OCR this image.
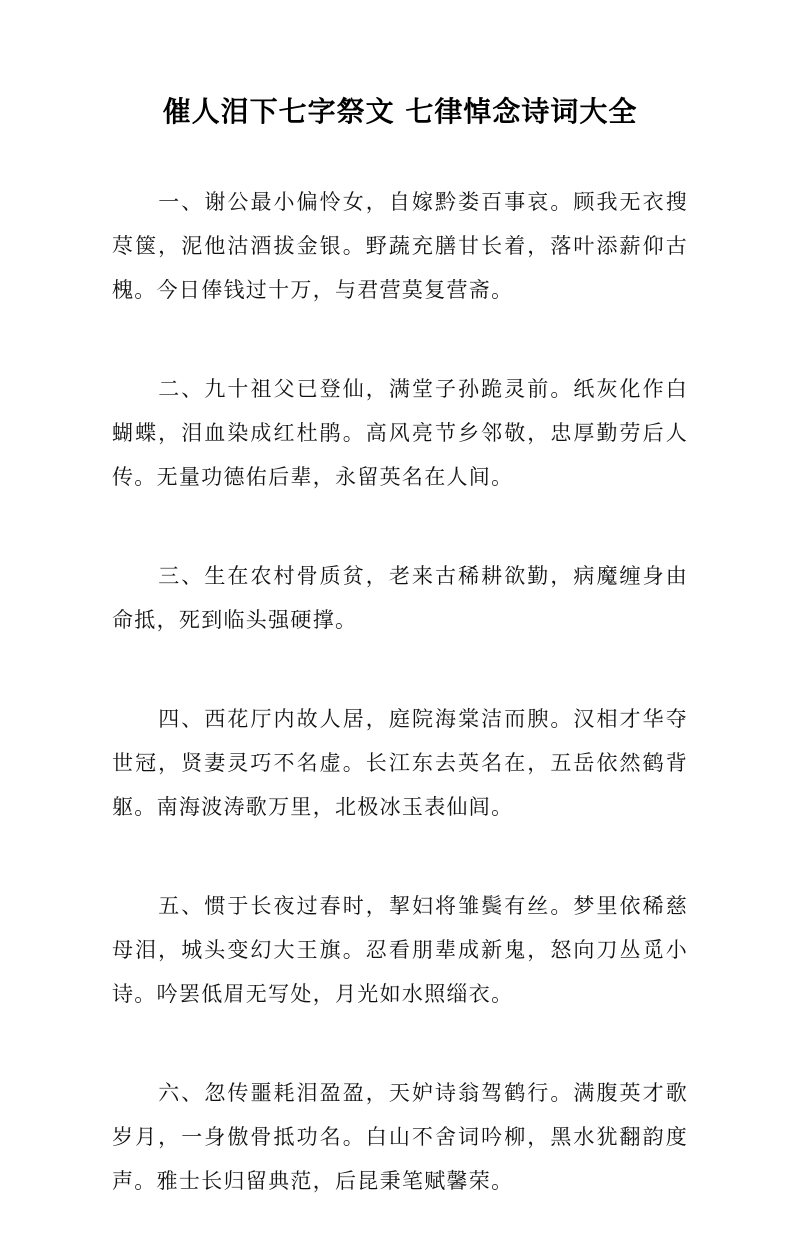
催人泪下七字祭文 七律悼念诗词大全

一、谢公最小偏怜女，自嫁黔娄百事哀。顾我无衣搜荩箧，泥他沽酒拔金银。野蔬充膳甘长着，落叶添薪仰古槐。今日俸钱过十万，与君营莫复营斋。

二、九十祖父已登仙，满堂子孙跪灵前。纸灰化作白蝴蝶，泪血染成红杜鹃。高风亮节乡邻敬，忠厚勤劳后人传。无量功德佑后辈，永留英名在人间。

三、生在农村骨质贫，老来古稀耕欲勤，病魔缠身由命抵，死到临头强硬撑。

四、西花厅内故人居，庭院海棠洁而腴。汉相才华夺世冠，贤妻灵巧不名虚。长江东去英名在，五岳依然鹤背躯。南海波涛歌万里，北极冰玉表仙闾。

五、惯于长夜过春时，挈妇将雏鬓有丝。梦里依稀慈母泪，城头变幻大王旗。忍看朋辈成新鬼，怒向刀丛觅小诗。吟罢低眉无写处，月光如水照缁衣。

六、忽传噩耗泪盈盈，天妒诗翁驾鹤行。满腹英才歌岁月，一身傲骨抵功名。白山不舍词吟柳，黑水犹翻韵度声。雅士长归留典范，后昆秉笔赋馨荣。
